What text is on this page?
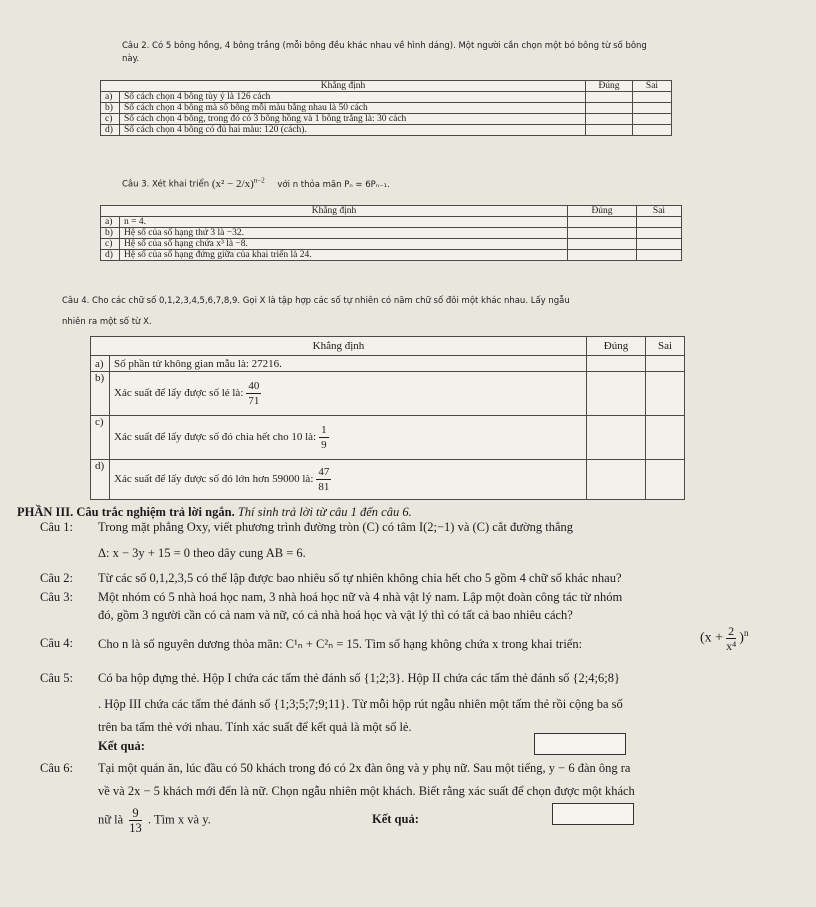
Câu 2. Có 5 bông hồng, 4 bông trắng (mỗi bông đều khác nhau về hình dáng). Một người cần chọn một bó bông từ số bông
này.
Khẳng định		Đúng	Sai
a)	Số cách chọn 4 bông tùy ý là 126 cách		
b)	Số cách chọn 4 bông mà số bông mỗi màu bằng nhau là 50 cách		
c)	Số cách chọn 4 bông, trong đó có 3 bông hồng và 1 bông trắng là: 30 cách		
d)	Số cách chọn 4 bông có đủ hai màu: 120 (cách).		
Câu 3. Xét khai triển $(x^2 - 2/x)^{n-2}$ với n thỏa mãn Pₙ = 6Pₙ₋₁.
Khẳng định		Đúng	Sai
a)	n = 4.		
b)	Hệ số của số hạng thứ 3 là −32.		
c)	Hệ số của số hạng chứa x³ là −8.		
d)	Hệ số của số hạng đứng giữa của khai triển là 24.		
Câu 4. Cho các chữ số 0,1,2,3,4,5,6,7,8,9. Gọi X là tập hợp các số tự nhiên có năm chữ số đôi một khác nhau. Lấy ngẫu
nhiên ra một số từ X.
Khẳng định		Đúng	Sai
a)	Số phần tử không gian mẫu là: 27216.		
b)	Xác suất để lấy được số lẻ là: $\frac{40}{71}$

c)	Xác suất để lấy được số đó chia hết cho 10 là: $\frac{1}{9}$

d)	Xác suất để lấy được số đó lớn hơn 59000 là: $\frac{47}{81}$

PHẦN III. Câu trắc nghiệm trả lời ngắn. Thí sinh trả lời từ câu 1 đến câu 6.
Câu 1: Trong mặt phẳng Oxy, viết phương trình đường tròn (C) có tâm I(2;−1) và (C) cắt đường thẳng
Δ: x − 3y + 15 = 0 theo dây cung AB = 6.
Câu 2: Từ các số 0,1,2,3,5 có thể lập được bao nhiêu số tự nhiên không chia hết cho 5 gồm 4 chữ số khác nhau?
Câu 3: Một nhóm có 5 nhà hoá học nam, 3 nhà hoá học nữ và 4 nhà vật lý nam. Lập một đoàn công tác từ nhóm
đó, gồm 3 người cần có cả nam và nữ, có cả nhà hoá học và vật lý thì có tất cả bao nhiêu cách?
Câu 4: Cho n là số nguyên dương thỏa mãn: C¹ₙ + C²ₙ = 15. Tìm số hạng không chứa x trong khai triển:	$(x + \frac{2}{\text{x⁴}} )^n$
Câu 5: Có ba hộp đựng thẻ. Hộp I chứa các tấm thẻ đánh số {1;2;3}. Hộp II chứa các tấm thẻ đánh số {2;4;6;8}
. Hộp III chứa các tấm thẻ đánh số {1;3;5;7;9;11}. Từ mỗi hộp rút ngẫu nhiên một tấm thẻ rồi cộng ba số
trên ba tấm thẻ với nhau. Tính xác suất để kết quả là một số lẻ.
Kết quả:
Câu 6: Tại một quán ăn, lúc đầu có 50 khách trong đó có 2x đàn ông và y phụ nữ. Sau một tiếng, y − 6 đàn ông ra
về và 2x − 5 khách mới đến là nữ. Chọn ngẫu nhiên một khách. Biết rằng xác suất để chọn được một khách
nữ là $\frac{9}{13}$ . Tìm x và y.	Kết quả:
